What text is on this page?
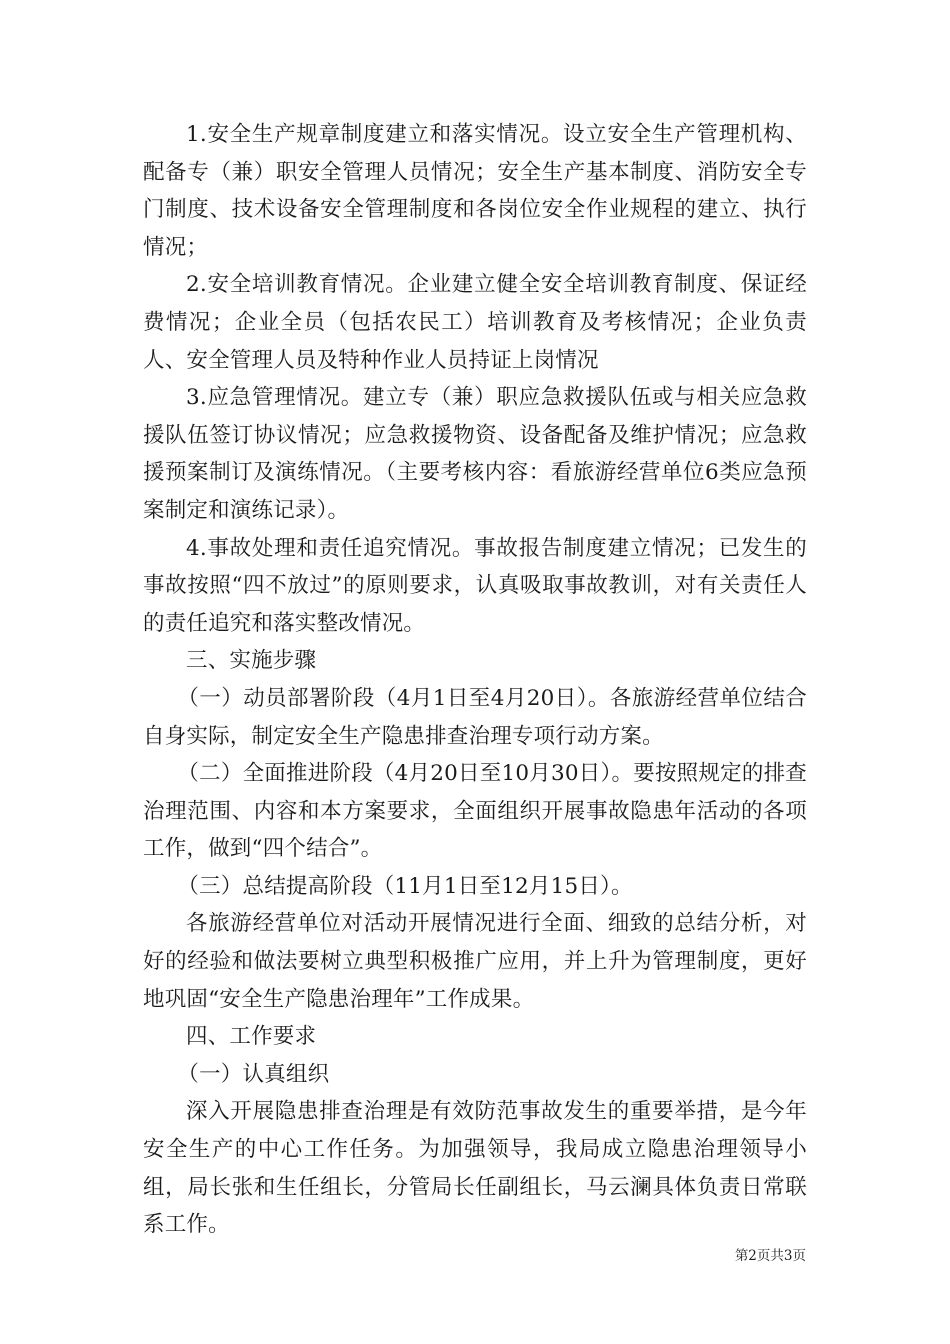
1.安全生产规章制度建立和落实情况。设立安全生产管理机构、配备专（兼）职安全管理人员情况；安全生产基本制度、消防安全专门制度、技术设备安全管理制度和各岗位安全作业规程的建立、执行情况；

2.安全培训教育情况。企业建立健全安全培训教育制度、保证经费情况；企业全员（包括农民工）培训教育及考核情况；企业负责人、安全管理人员及特种作业人员持证上岗情况

3.应急管理情况。建立专（兼）职应急救援队伍或与相关应急救援队伍签订协议情况；应急救援物资、设备配备及维护情况；应急救援预案制订及演练情况。（主要考核内容：看旅游经营单位6类应急预案制定和演练记录）。

4.事故处理和责任追究情况。事故报告制度建立情况；已发生的事故按照“四不放过”的原则要求，认真吸取事故教训，对有关责任人的责任追究和落实整改情况。

三、实施步骤

（一）动员部署阶段（4月1日至4月20日）。各旅游经营单位结合自身实际，制定安全生产隐患排查治理专项行动方案。

（二）全面推进阶段（4月20日至10月30日）。要按照规定的排查治理范围、内容和本方案要求，全面组织开展事故隐患年活动的各项工作，做到“四个结合”。

（三）总结提高阶段（11月1日至12月15日）。

各旅游经营单位对活动开展情况进行全面、细致的总结分析，对好的经验和做法要树立典型积极推广应用，并上升为管理制度，更好地巩固“安全生产隐患治理年”工作成果。

四、工作要求

（一）认真组织

深入开展隐患排查治理是有效防范事故发生的重要举措，是今年安全生产的中心工作任务。为加强领导，我局成立隐患治理领导小组，局长张和生任组长，分管局长任副组长，马云澜具体负责日常联系工作。

第2页共3页
